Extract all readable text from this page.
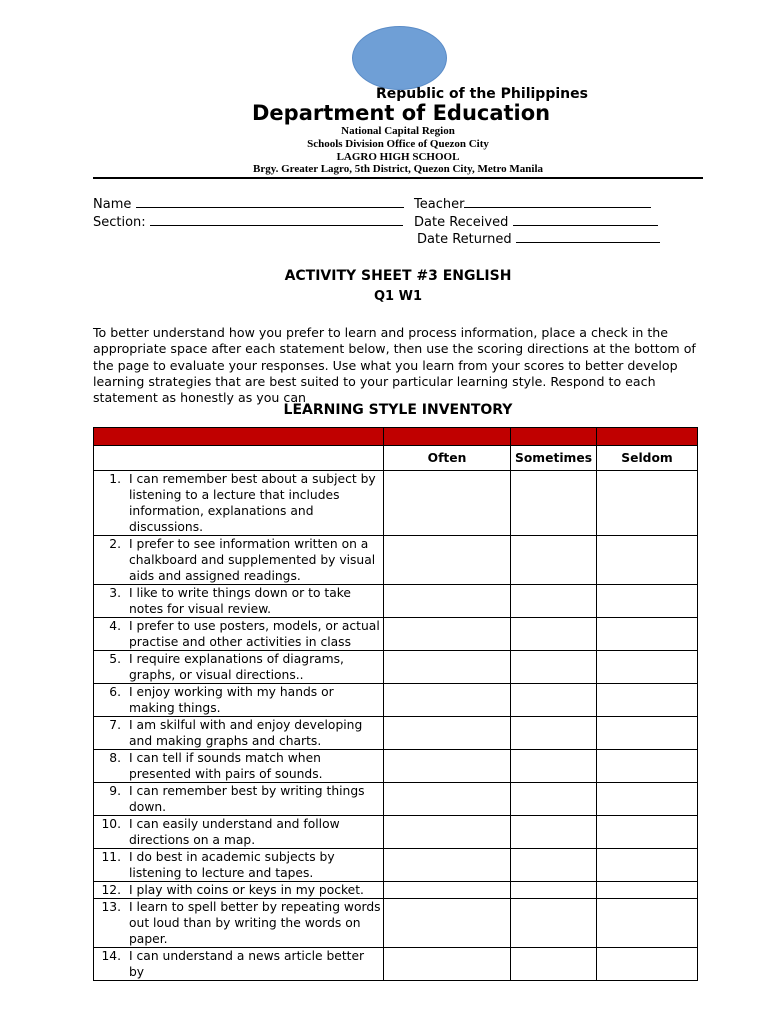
Republic of the Philippines
Department of Education
National Capital Region
Schools Division Office of Quezon City
LAGRO HIGH SCHOOL
Brgy. Greater Lagro, 5th District, Quezon City, Metro Manila
Name	Teacher
Section:	Date Received
Date Returned
ACTIVITY SHEET #3 ENGLISH
Q1 W1
To better understand how you prefer to learn and process information, place a check in the appropriate space after each statement below, then use the scoring directions at the bottom of the page to evaluate your responses. Use what you learn from your scores to better develop learning strategies that are best suited to your particular learning style. Respond to each statement as honestly as you can
LEARNING STYLE INVENTORY

	Often	Sometimes	Seldom

1. I can remember best about a subject by listening to a lecture that includes information, explanations and discussions.			

2. I prefer to see information written on a chalkboard and supplemented by visual aids and assigned readings.			

3. I like to write things down or to take notes for visual review.			

4. I prefer to use posters, models, or actual practise and other activities in class			

5. I require explanations of diagrams, graphs, or visual directions..			

6. I enjoy working with my hands or making things.			

7. I am skilful with and enjoy developing and making graphs and charts.			

8. I can tell if sounds match when presented with pairs of sounds.			

9. I can remember best by writing things down.			

10. I can easily understand and follow directions on a map.			

11. I do best in academic subjects by listening to lecture and tapes.			

12. I play with coins or keys in my pocket.			

13. I learn to spell better by repeating words out loud than by writing the words on paper.			

14. I can understand a news article better by			
